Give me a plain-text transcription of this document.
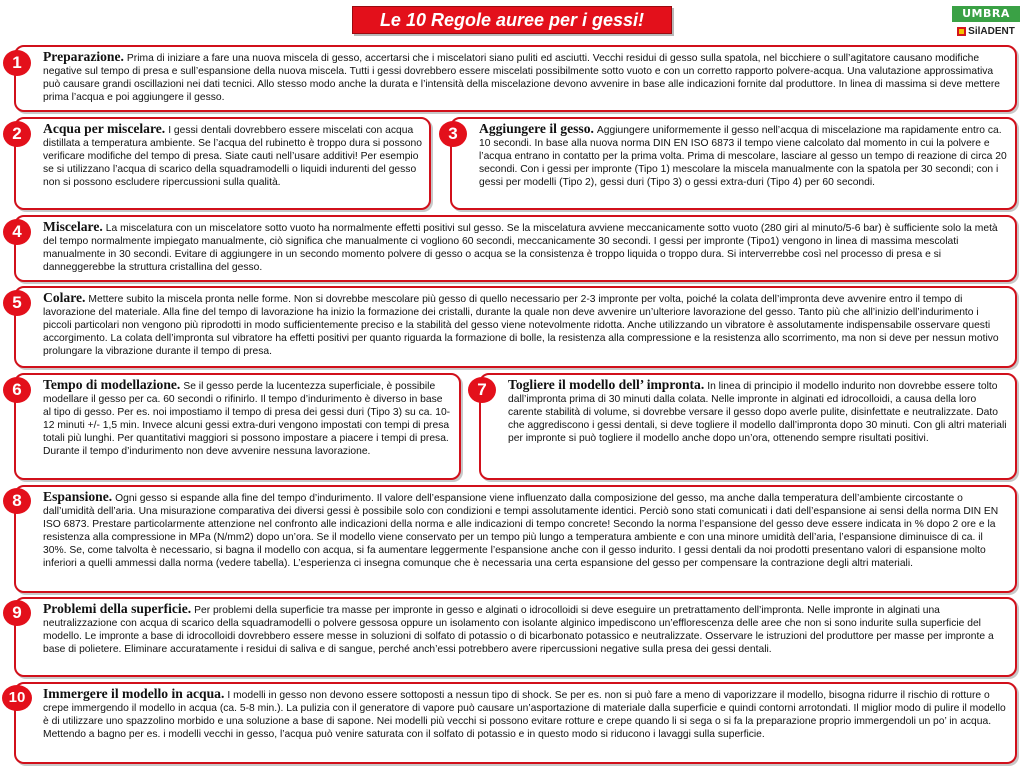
Le 10 Regole auree per i gessi!	UMBRA
SilADENT
1	Preparazione. Prima di iniziare a fare una nuova miscela di gesso, accertarsi che i miscelatori siano puliti ed asciutti. Vecchi residui di gesso sulla spatola, nel bicchiere o sull’agitatore causano modifiche negative sul tempo di presa e sull’espansione della nuova miscela. Tutti i gessi dovrebbero essere miscelati possibilmente sotto vuoto e con un corretto rapporto polvere-acqua. Una valutazione approssimativa può causare grandi oscillazioni nei dati tecnici. Allo stesso modo anche la durata e l’intensità della miscelazione devono avvenire in base alle indicazioni fornite dal produttore. In linea di massima si deve mettere prima l’acqua e poi aggiungere il gesso.
2	Acqua per miscelare. I gessi dentali dovrebbero essere miscelati con acqua distillata a temperatura ambiente. Se l’acqua del rubinetto è troppo dura si possono verificare modifiche del tempo di presa. Siate cauti nell’usare additivi! Per esempio se si utilizzano l’acqua di scarico della squadramodelli o liquidi indurenti del gesso non si possono escludere ripercussioni sulla qualità.
3	Aggiungere il gesso. Aggiungere uniformemente il gesso nell’acqua di miscelazione ma rapidamente entro ca. 10 secondi. In base alla nuova norma DIN EN ISO 6873 il tempo viene calcolato dal momento in cui la polvere e l’acqua entrano in contatto per la prima volta. Prima di mescolare, lasciare al gesso un tempo di reazione di circa 20 secondi. Con i gessi per impronte (Tipo 1) mescolare la miscela manualmente con la spatola per 30 secondi; con i gessi per modelli (Tipo 2), gessi duri (Tipo 3) o gessi extra-duri (Tipo 4) per 60 secondi.
4	Miscelare. La miscelatura con un miscelatore sotto vuoto ha normalmente effetti positivi sul gesso. Se la miscelatura avviene meccanicamente sotto vuoto (280 giri al minuto/5-6 bar) è sufficiente solo la metà del tempo normalmente impiegato manualmente, ciò significa che manualmente ci vogliono 60 secondi, meccanicamente 30 secondi. I gessi per impronte (Tipo1) vengono in linea di massima mescolati manualmente in 30 secondi. Evitare di aggiungere in un secondo momento polvere di gesso o acqua se la consistenza è troppo liquida o troppo dura. Si interverrebbe così nel processo di presa e si danneggerebbe la struttura cristallina del gesso.
5	Colare. Mettere subito la miscela pronta nelle forme. Non si dovrebbe mescolare più gesso di quello necessario per 2-3 impronte per volta, poiché la colata dell’impronta deve avvenire entro il tempo di lavorazione del materiale. Alla fine del tempo di lavorazione ha inizio la formazione dei cristalli, durante la quale non deve avvenire un’ulteriore lavorazione del gesso. Tanto più che all’inizio dell’indurimento i piccoli particolari non vengono più riprodotti in modo sufficientemente preciso e la stabilità del gesso viene notevolmente ridotta. Anche utilizzando un vibratore è assolutamente indispensabile osservare questi accorgimento. La colata dell’impronta sul vibratore ha effetti positivi per quanto riguarda la formazione di bolle, la resistenza alla compressione e la resistenza allo scorrimento, ma non si deve per nessun motivo prolungare la vibrazione durante il tempo di presa.
6	Tempo di modellazione. Se il gesso perde la lucentezza superficiale, è possibile modellare il gesso per ca. 60 secondi o rifinirlo. Il tempo d’indurimento è diverso in base al tipo di gesso. Per es. noi impostiamo il tempo di presa dei gessi duri (Tipo 3) su ca. 10-12 minuti +/- 1,5 min. Invece alcuni gessi extra-duri vengono impostati con tempi di presa totali più lunghi. Per quantitativi maggiori si possono impostare a piacere i tempi di presa. Durante il tempo d’indurimento non deve avvenire nessuna lavorazione.
7	Togliere il modello dell’ impronta. In linea di principio il modello indurito non dovrebbe essere tolto dall’impronta prima di 30 minuti dalla colata. Nelle impronte in alginati ed idrocolloidi, a causa della loro carente stabilità di volume, si dovrebbe versare il gesso dopo averle pulite, disinfettate e neutralizzate. Dato che aggrediscono i gessi dentali, si deve togliere il modello dall’impronta dopo 30 minuti. Con gli altri materiali per impronte si può togliere il modello anche dopo un’ora, ottenendo sempre risultati positivi.
8	Espansione. Ogni gesso si espande alla fine del tempo d’indurimento. Il valore dell’espansione viene influenzato dalla composizione del gesso, ma anche dalla temperatura dell’ambiente circostante o dall’umidità dell’aria. Una misurazione comparativa dei diversi gessi è possibile solo con condizioni e tempi assolutamente identici. Perciò sono stati comunicati i dati dell’espansione ai sensi della norma DIN EN ISO 6873. Prestare particolarmente attenzione nel confronto alle indicazioni della norma e alle indicazioni di tempo concrete! Secondo la norma l’espansione del gesso deve essere indicata in % dopo 2 ore e la resistenza alla compressione in MPa (N/mm2) dopo un’ora. Se il modello viene conservato per un tempo più lungo a temperatura ambiente e con una minore umidità dell’aria, l’espansione diminuisce di ca. il 30%. Se, come talvolta è necessario, si bagna il modello con acqua, si fa aumentare leggermente l’espansione anche con il gesso indurito. I gessi dentali da noi prodotti presentano valori di espansione molto inferiori a quelli ammessi dalla norma (vedere tabella). L’esperienza ci insegna comunque che è necessaria una certa espansione del gesso per compensare la contrazione degli altri materiali.
9	Problemi della superficie. Per problemi della superficie tra masse per impronte in gesso e alginati o idrocolloidi si deve eseguire un pretrattamento dell’impronta. Nelle impronte in alginati una neutralizzazione con acqua di scarico della squadramodelli o polvere gessosa oppure un isolamento con isolante alginico impediscono un’efflorescenza delle aree che non si sono indurite sulla superficie del modello. Le impronte a base di idrocolloidi dovrebbero essere messe in soluzioni di solfato di potassio o di bicarbonato potassico e neutralizzate. Osservare le istruzioni del produttore per masse per impronte a base di polietere. Eliminare accuratamente i residui di saliva e di sangue, perché anch’essi potrebbero avere ripercussioni negative sulla presa dei gessi dentali.
10	Immergere il modello in acqua. I modelli in gesso non devono essere sottoposti a nessun tipo di shock. Se per es. non si può fare a meno di vaporizzare il modello, bisogna ridurre il rischio di rotture o crepe immergendo il modello in acqua (ca. 5-8 min.). La pulizia con il generatore di vapore può causare un’asportazione di materiale dalla superficie e quindi contorni arrotondati. Il miglior modo di pulire il modello è di utilizzare uno spazzolino morbido e una soluzione a base di sapone. Nei modelli più vecchi si possono evitare rotture e crepe quando li si sega o si fa la preparazione proprio immergendoli un po’ in acqua. Mettendo a bagno per es. i modelli vecchi in gesso, l’acqua può venire saturata con il solfato di potassio e in questo modo si riducono i lavaggi sulla superficie.
